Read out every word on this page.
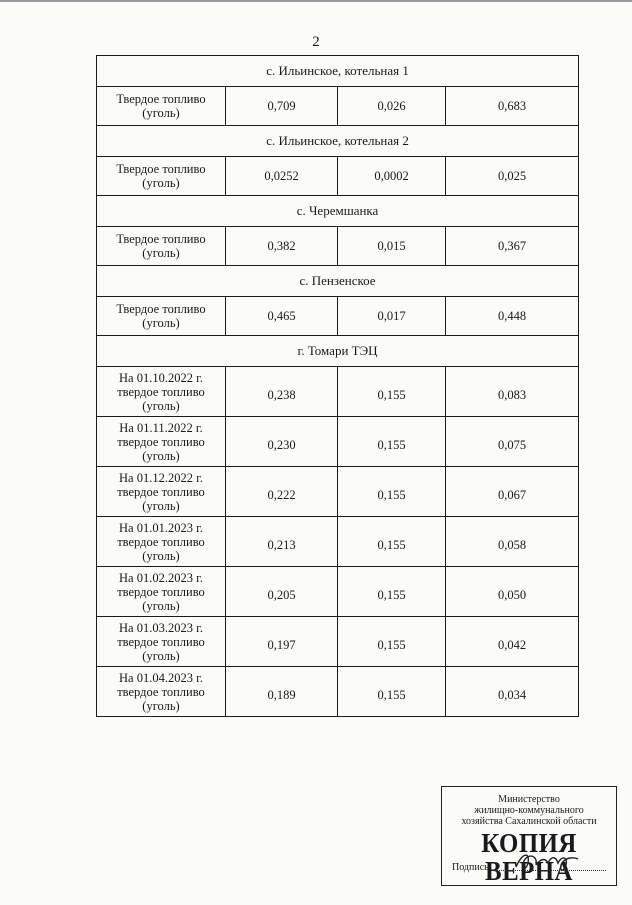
2
с. Ильинское, котельная 1			

Твердое топливо
(уголь)	0,709	0,026	0,683
с. Ильинское, котельная 2			

Твердое топливо
(уголь)	0,0252	0,0002	0,025
с. Черемшанка			

Твердое топливо
(уголь)	0,382	0,015	0,367
с. Пензенское			

Твердое топливо
(уголь)	0,465	0,017	0,448
г. Томари ТЭЦ			

На 01.10.2022 г.
твердое топливо
(уголь)	0,238	0,155	0,083

На 01.11.2022 г.
твердое топливо
(уголь)	0,230	0,155	0,075

На 01.12.2022 г.
твердое топливо
(уголь)	0,222	0,155	0,067

На 01.01.2023 г.
твердое топливо
(уголь)	0,213	0,155	0,058

На 01.02.2023 г.
твердое топливо
(уголь)	0,205	0,155	0,050

На 01.03.2023 г.
твердое топливо
(уголь)	0,197	0,155	0,042

На 01.04.2023 г.
твердое топливо
(уголь)	0,189	0,155	0,034
Министерство
жилищно-коммунального
хозяйства Сахалинской области
КОПИЯ ВЕРНА
Подпись
